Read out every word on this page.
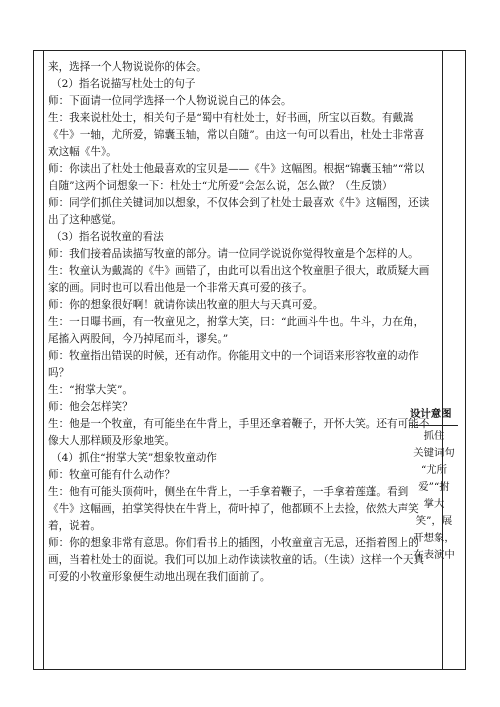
来，选择一个人物说说你的体会。

（2）指名说描写杜处士的句子

师：下面请一位同学选择一个人物说说自己的体会。

生：我来说杜处士，相关句子是“蜀中有杜处士，好书画，所宝以百数。有戴嵩《牛》一轴，尤所爱，锦囊玉轴，常以自随”。由这一句可以看出，杜处士非常喜欢这幅《牛》。

师：你读出了杜处士他最喜欢的宝贝是——《牛》这幅图。根据“锦囊玉轴”“常以自随”这两个词想象一下：杜处士“尤所爱”会怎么说，怎么做？（生反馈）

师：同学们抓住关键词加以想象，不仅体会到了杜处士最喜欢《牛》这幅图，还读出了这种感觉。

（3）指名说牧童的看法

师：我们接着品读描写牧童的部分。请一位同学说说你觉得牧童是个怎样的人。

生：牧童认为戴嵩的《牛》画错了，由此可以看出这个牧童胆子很大，敢质疑大画家的画。同时也可以看出他是一个非常天真可爱的孩子。

师：你的想象很好啊！就请你读出牧童的胆大与天真可爱。

生：一日曝书画，有一牧童见之，拊掌大笑，曰：“此画斗牛也。牛斗，力在角，尾搐入两股间，今乃掉尾而斗，谬矣。”

师：牧童指出错误的时候，还有动作。你能用文中的一个词语来形容牧童的动作吗？

生：“拊掌大笑”。

师：他会怎样笑？

生：他是一个牧童，有可能坐在牛背上，手里还拿着鞭子，开怀大笑。还有可能不像大人那样顾及形象地笑。

（4）抓住“拊掌大笑”想象牧童动作

师：牧童可能有什么动作？

生：他有可能头顶荷叶，侧坐在牛背上，一手拿着鞭子，一手拿着莲蓬。看到《牛》这幅画，拍掌笑得快在牛背上，荷叶掉了，他都顾不上去捡，依然大声笑着，说着。

师：你的想象非常有意思。你们看书上的插图，小牧童童言无忌，还指着图上的画，当着杜处士的面说。我们可以加上动作读读牧童的话。（生读）这样一个天真可爱的小牧童形象便生动地出现在我们面前了。

设计意图
抓住
关键词句
“尤所
爱”“拊
掌大
笑”，展
开想象，
在表演中
